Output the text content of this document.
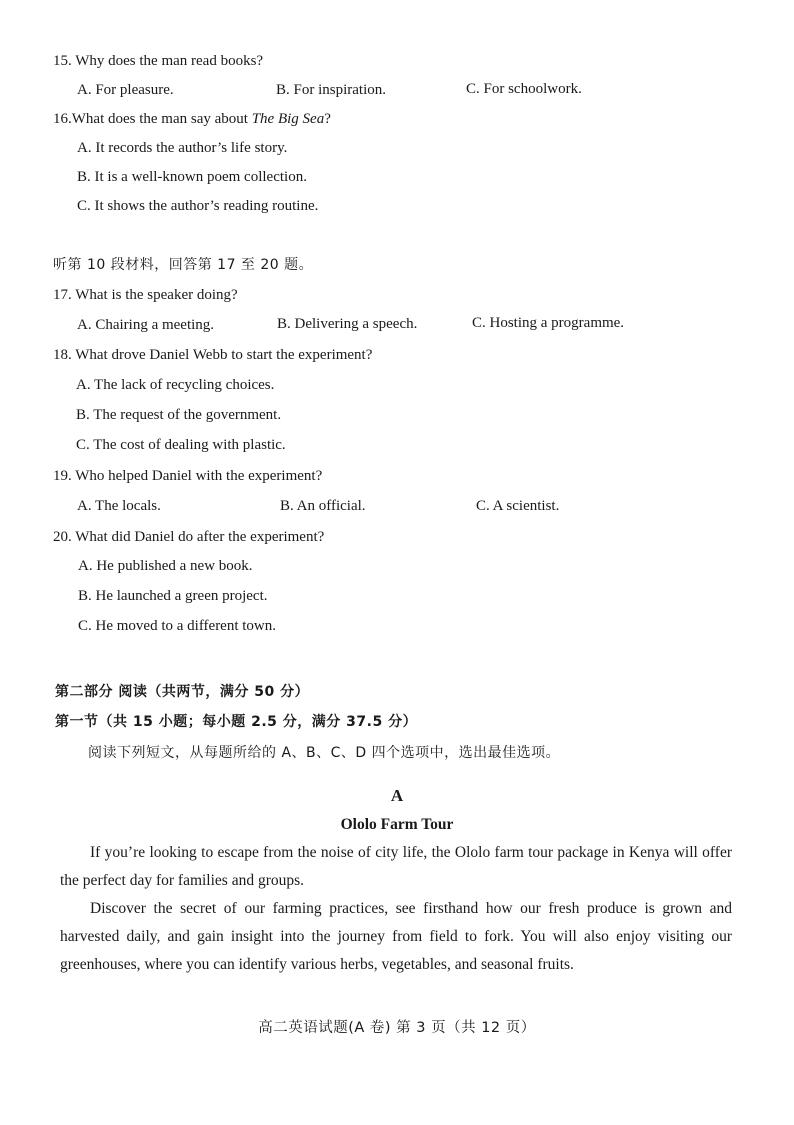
15. Why does the man read books?
A. For pleasure.	B. For inspiration.	C. For schoolwork.
16.What does the man say about The Big Sea?
A. It records the author’s life story.
B. It is a well-known poem collection.
C. It shows the author’s reading routine.
听第 10 段材料，回答第 17 至 20 题。
17. What is the speaker doing?
A. Chairing a meeting.	B. Delivering a speech.	C. Hosting a programme.
18. What drove Daniel Webb to start the experiment?
A. The lack of recycling choices.
B. The request of the government.
C. The cost of dealing with plastic.
19. Who helped Daniel with the experiment?
A. The locals.	B. An official.	C. A scientist.
20. What did Daniel do after the experiment?
A. He published a new book.
B. He launched a green project.
C. He moved to a different town.
第二部分 阅读（共两节，满分 50 分）
第一节（共 15 小题；每小题 2.5 分，满分 37.5 分）
阅读下列短文，从每题所给的 A、B、C、D 四个选项中，选出最佳选项。
A
Ololo Farm Tour
If you’re looking to escape from the noise of city life, the Ololo farm tour package in Kenya will offer the perfect day for families and groups.
Discover the secret of our farming practices, see firsthand how our fresh produce is grown and harvested daily, and gain insight into the journey from field to fork. You will also enjoy visiting our greenhouses, where you can identify various herbs, vegetables, and seasonal fruits.
高二英语试题(A 卷) 第 3 页（共 12 页）
